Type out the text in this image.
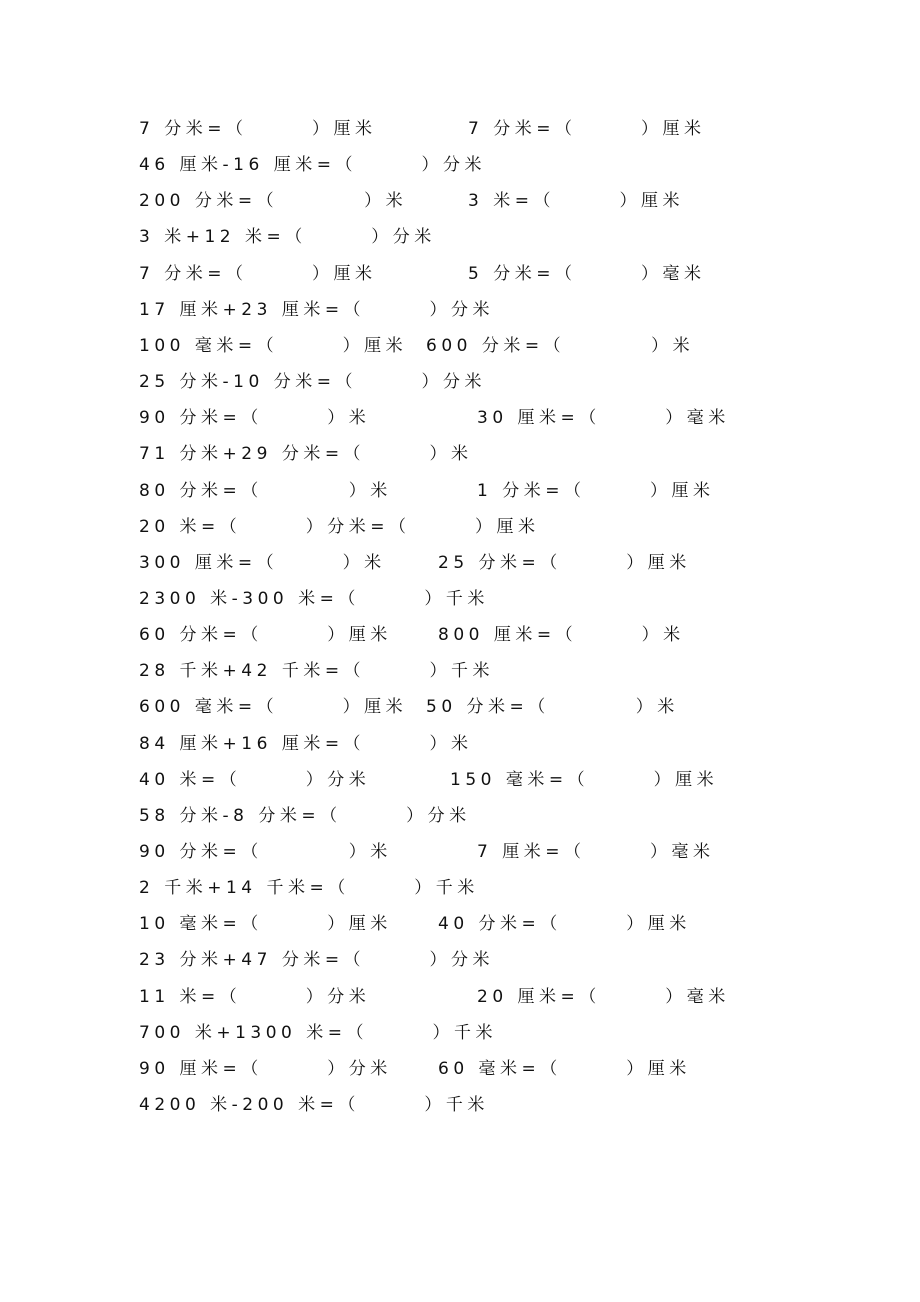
7 分米=（　　　）厘米	7 分米=（　　　）厘米
46 厘米-16 厘米=（　　　）分米
200 分米=（　　　　）米	3 米=（　　　）厘米
3 米+12 米=（　　　）分米
7 分米=（　　　）厘米	5 分米=（　　　）毫米
17 厘米+23 厘米=（　　　）分米
100 毫米=（　　　）厘米 600 分米=（　　　　）米
25 分米-10 分米=（　　　）分米
90 分米=（　　　）米	30 厘米=（　　　）毫米
71 分米+29 分米=（　　　）米
80 分米=（　　　　）米	1 分米=（　　　）厘米
20 米=（　　　）分米=（　　　）厘米
300 厘米=（　　　）米	25 分米=（　　　）厘米
2300 米-300 米=（　　　）千米
60 分米=（　　　）厘米	800 厘米=（　　　）米
28 千米+42 千米=（　　　）千米
600 毫米=（　　　）厘米 50 分米=（　　　　）米
84 厘米+16 厘米=（　　　）米
40 米=（　　　）分米	150 毫米=（　　　）厘米
58 分米-8 分米=（　　　）分米
90 分米=（　　　　）米	7 厘米=（　　　）毫米
2 千米+14 千米=（　　　）千米
10 毫米=（　　　）厘米	40 分米=（　　　）厘米
23 分米+47 分米=（　　　）分米
11 米=（　　　）分米	20 厘米=（　　　）毫米
700 米+1300 米=（　　　）千米
90 厘米=（　　　）分米	60 毫米=（　　　）厘米
4200 米-200 米=（　　　）千米
